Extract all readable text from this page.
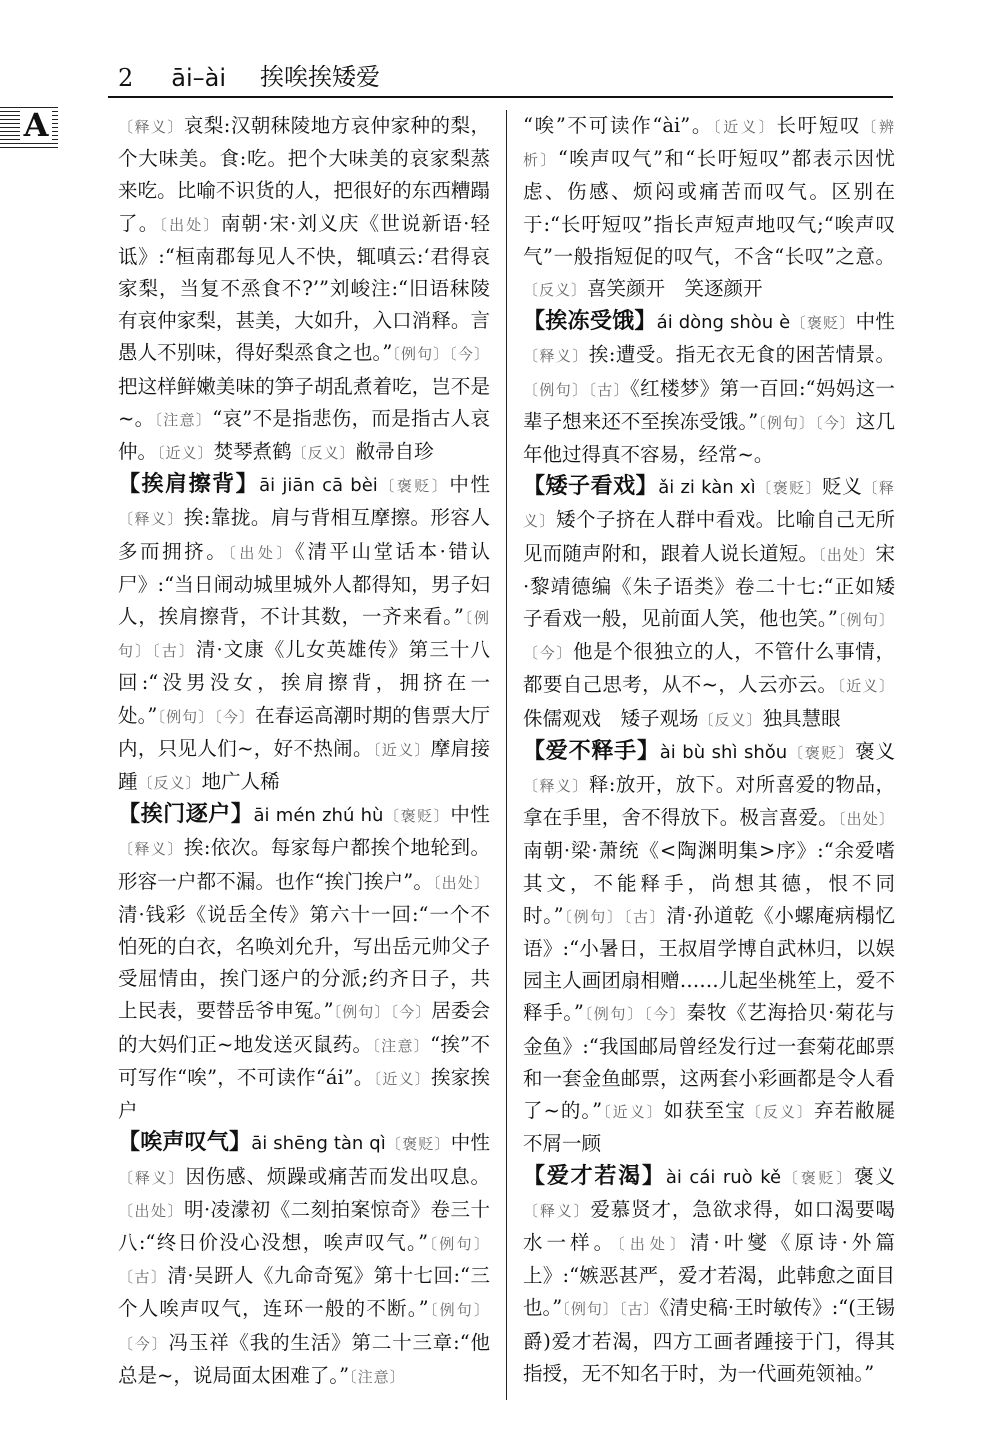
2 āi–ài 挨唉挨矮爱
A	〔 释义 〕 哀梨:汉朝秣陵地方哀仲家种的梨，个大味美。食:吃。把个大味美的哀家梨蒸来吃。比喻不识货的人，把很好的东西糟蹋了。 〔 出处 〕 南朝·宋·刘义庆《世说新语·轻诋》:“桓南郡每见人不快，辄嗔云:‘君得哀家梨，当复不烝食不?’”刘峻注:“旧语秣陵有哀仲家梨，甚美，大如升，入口消释。言愚人不别味，得好梨烝食之也。” 〔 例句 〕 〔 今 〕把这样鲜嫩美味的笋子胡乱煮着吃，岂不是~。 〔 注意 〕 “哀”不是指悲伤，而是指古人哀仲。 〔 近义 〕 焚琴煮鹤 〔 反义 〕 敝帚自珍

【挨肩擦背】āi jiān cā bèi 〔 褒贬 〕 中性〔 释义 〕 挨:靠拢。肩与背相互摩擦。形容人多而拥挤。 〔 出处 〕 《清平山堂话本·错认尸》:“当日闹动城里城外人都得知，男子妇人，挨肩擦背，不计其数，一齐来看。” 〔 例句 〕 〔 古 〕 清·文康《儿女英雄传》第三十八回:“没男没女，挨肩擦背，拥挤在一处。” 〔 例句 〕 〔 今 〕 在春运高潮时期的售票大厅内，只见人们~，好不热闹。 〔 近义 〕 摩肩接踵 〔 反义 〕 地广人稀

【挨门逐户】āi mén zhú hù 〔 褒贬 〕 中性〔 释义 〕 挨:依次。每家每户都挨个地轮到。形容一户都不漏。也作“挨门挨户”。 〔 出处 〕清·钱彩《说岳全传》第六十一回:“一个不怕死的白衣，名唤刘允升，写出岳元帅父子受屈情由，挨门逐户的分派;约齐日子，共上民表，要替岳爷申冤。” 〔 例句 〕 〔 今 〕 居委会的大妈们正~地发送灭鼠药。 〔 注意 〕 “挨”不可写作“唉”，不可读作“ái”。 〔 近义 〕 挨家挨户

【唉声叹气】āi shēng tàn qì 〔 褒贬 〕 中性〔 释义 〕 因伤感、烦躁或痛苦而发出叹息。〔 出处 〕 明·凌濛初《二刻拍案惊奇》卷三十八:“终日价没心没想，唉声叹气。” 〔 例句 〕〔 古 〕 清·吴趼人《九命奇冤》第十七回:“三个人唉声叹气，连环一般的不断。” 〔 例句 〕〔 今 〕 冯玉祥《我的生活》第二十三章:“他总是~，说局面太困难了。” 〔 注意 〕

“唉”不可读作“ài”。 〔 近义 〕 长吁短叹 〔 辨析 〕 “唉声叹气”和“长吁短叹”都表示因忧虑、伤感、烦闷或痛苦而叹气。区别在于:“长吁短叹”指长声短声地叹气;“唉声叹气”一般指短促的叹气，不含“长叹”之意。〔 反义 〕 喜笑颜开　笑逐颜开

【挨冻受饿】ái dòng shòu è 〔 褒贬 〕 中性〔 释义 〕 挨:遭受。指无衣无食的困苦情景。〔 例句 〕 〔 古 〕 《红楼梦》第一百回:“妈妈这一辈子想来还不至挨冻受饿。” 〔 例句 〕 〔 今 〕 这几年他过得真不容易，经常~。

【矮子看戏】ǎi zi kàn xì 〔 褒贬 〕 贬义 〔 释义 〕 矮个子挤在人群中看戏。比喻自己无所见而随声附和，跟着人说长道短。 〔 出处 〕 宋·黎靖德编《朱子语类》卷二十七:“正如矮子看戏一般，见前面人笑，他也笑。” 〔 例句 〕〔 今 〕 他是个很独立的人，不管什么事情，都要自己思考，从不~，人云亦云。 〔 近义 〕侏儒观戏　矮子观场 〔 反义 〕 独具慧眼

【爱不释手】ài bù shì shǒu 〔 褒贬 〕 褒义〔 释义 〕 释:放开，放下。对所喜爱的物品，拿在手里，舍不得放下。极言喜爱。 〔 出处 〕南朝·梁·萧统《<陶渊明集>序》:“余爱嗜其文，不能释手，尚想其德，恨不同时。” 〔 例句 〕 〔 古 〕 清·孙道乾《小螺庵病榻忆语》:“小暑日，王叔眉学博自武林归，以娱园主人画团扇相赠……儿起坐桃笙上，爱不释手。” 〔 例句 〕 〔 今 〕 秦牧《艺海拾贝·菊花与金鱼》:“我国邮局曾经发行过一套菊花邮票和一套金鱼邮票，这两套小彩画都是令人看了~的。” 〔 近义 〕 如获至宝 〔 反义 〕 弃若敝屣　不屑一顾

【爱才若渴】ài cái ruò kě 〔 褒贬 〕 褒义〔 释义 〕 爱慕贤才，急欲求得，如口渴要喝水一样。 〔 出处 〕 清·叶燮《原诗·外篇上》:“嫉恶甚严，爱才若渴，此韩愈之面目也。” 〔 例句 〕 〔 古 〕 《清史稿·王时敏传》:“(王锡爵)爱才若渴，四方工画者踵接于门，得其指授，无不知名于时，为一代画苑领袖。”
